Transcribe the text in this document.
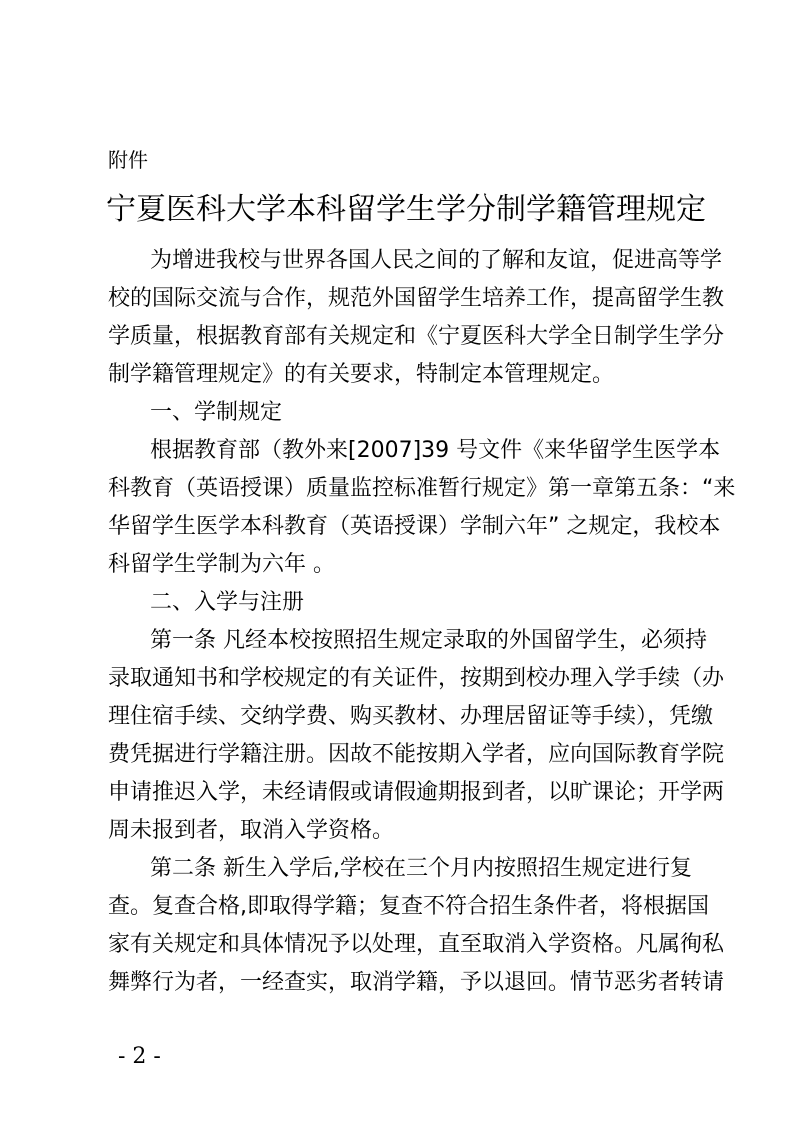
附件
宁夏医科大学本科留学生学分制学籍管理规定
为增进我校与世界各国人民之间的了解和友谊，促进高等学
校的国际交流与合作，规范外国留学生培养工作，提高留学生教
学质量，根据教育部有关规定和《宁夏医科大学全日制学生学分
制学籍管理规定》的有关要求，特制定本管理规定。
一、学制规定
根据教育部（教外来[2007]39 号文件《来华留学生医学本
科教育（英语授课）质量监控标准暂行规定》第一章第五条：“来
华留学生医学本科教育（英语授课）学制六年” 之规定，我校本
科留学生学制为六年 。
二、入学与注册
第一条 凡经本校按照招生规定录取的外国留学生，必须持
录取通知书和学校规定的有关证件，按期到校办理入学手续（办
理住宿手续、交纳学费、购买教材、办理居留证等手续），凭缴
费凭据进行学籍注册。因故不能按期入学者，应向国际教育学院
申请推迟入学，未经请假或请假逾期报到者，以旷课论；开学两
周未报到者，取消入学资格。
第二条 新生入学后,学校在三个月内按照招生规定进行复
查。复查合格,即取得学籍；复查不符合招生条件者，将根据国
家有关规定和具体情况予以处理，直至取消入学资格。凡属徇私
舞弊行为者，一经查实，取消学籍，予以退回。情节恶劣者转请
- 2 -
